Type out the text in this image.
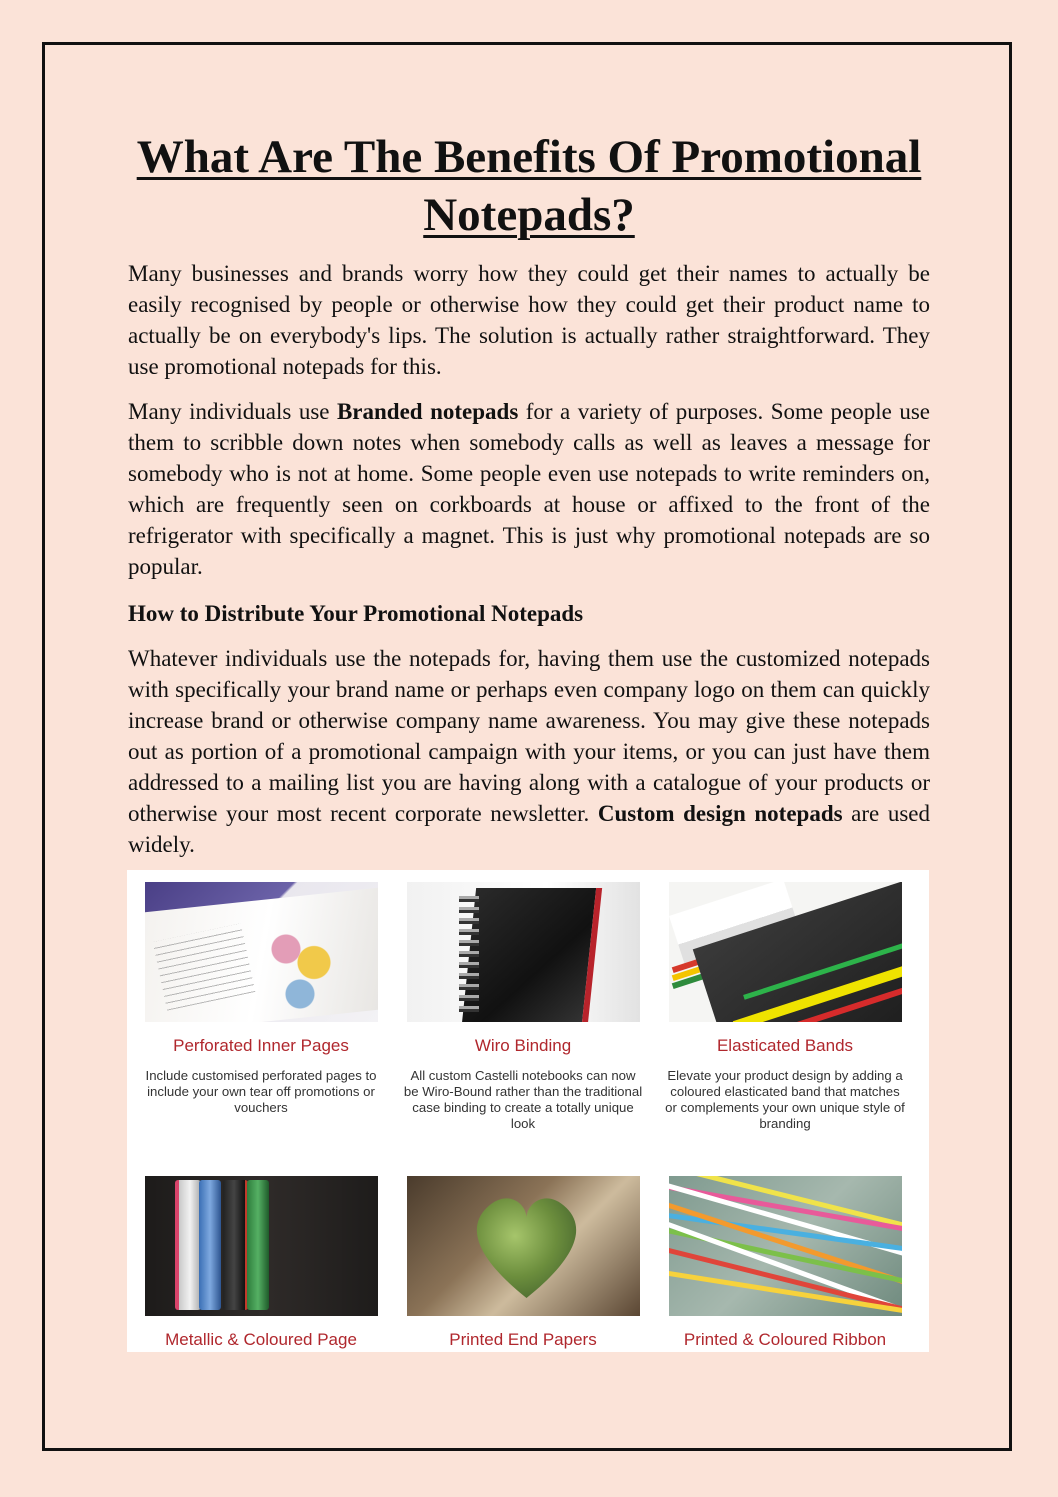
What Are The Benefits Of Promotional Notepads?

Many businesses and brands worry how they could get their names to actually be easily recognised by people or otherwise how they could get their product name to actually be on everybody's lips. The solution is actually rather straightforward. They use promotional notepads for this.

Many individuals use Branded notepads for a variety of purposes. Some people use them to scribble down notes when somebody calls as well as leaves a message for somebody who is not at home. Some people even use notepads to write reminders on, which are frequently seen on corkboards at house or affixed to the front of the refrigerator with specifically a magnet. This is just why promotional notepads are so popular.

How to Distribute Your Promotional Notepads

Whatever individuals use the notepads for, having them use the customized notepads with specifically your brand name or perhaps even company logo on them can quickly increase brand or otherwise company name awareness. You may give these notepads out as portion of a promotional campaign with your items, or you can just have them addressed to a mailing list you are having along with a catalogue of your products or otherwise your most recent corporate newsletter. Custom design notepads are used widely.

Perforated Inner Pages
Include customised perforated pages to include your own tear off promotions or vouchers
Wiro Binding
All custom Castelli notebooks can now be Wiro-Bound rather than the traditional case binding to create a totally unique look
Elasticated Bands
Elevate your product design by adding a coloured elasticated band that matches or complements your own unique style of branding
Metallic & Coloured Page	Printed End Papers	Printed & Coloured Ribbon
